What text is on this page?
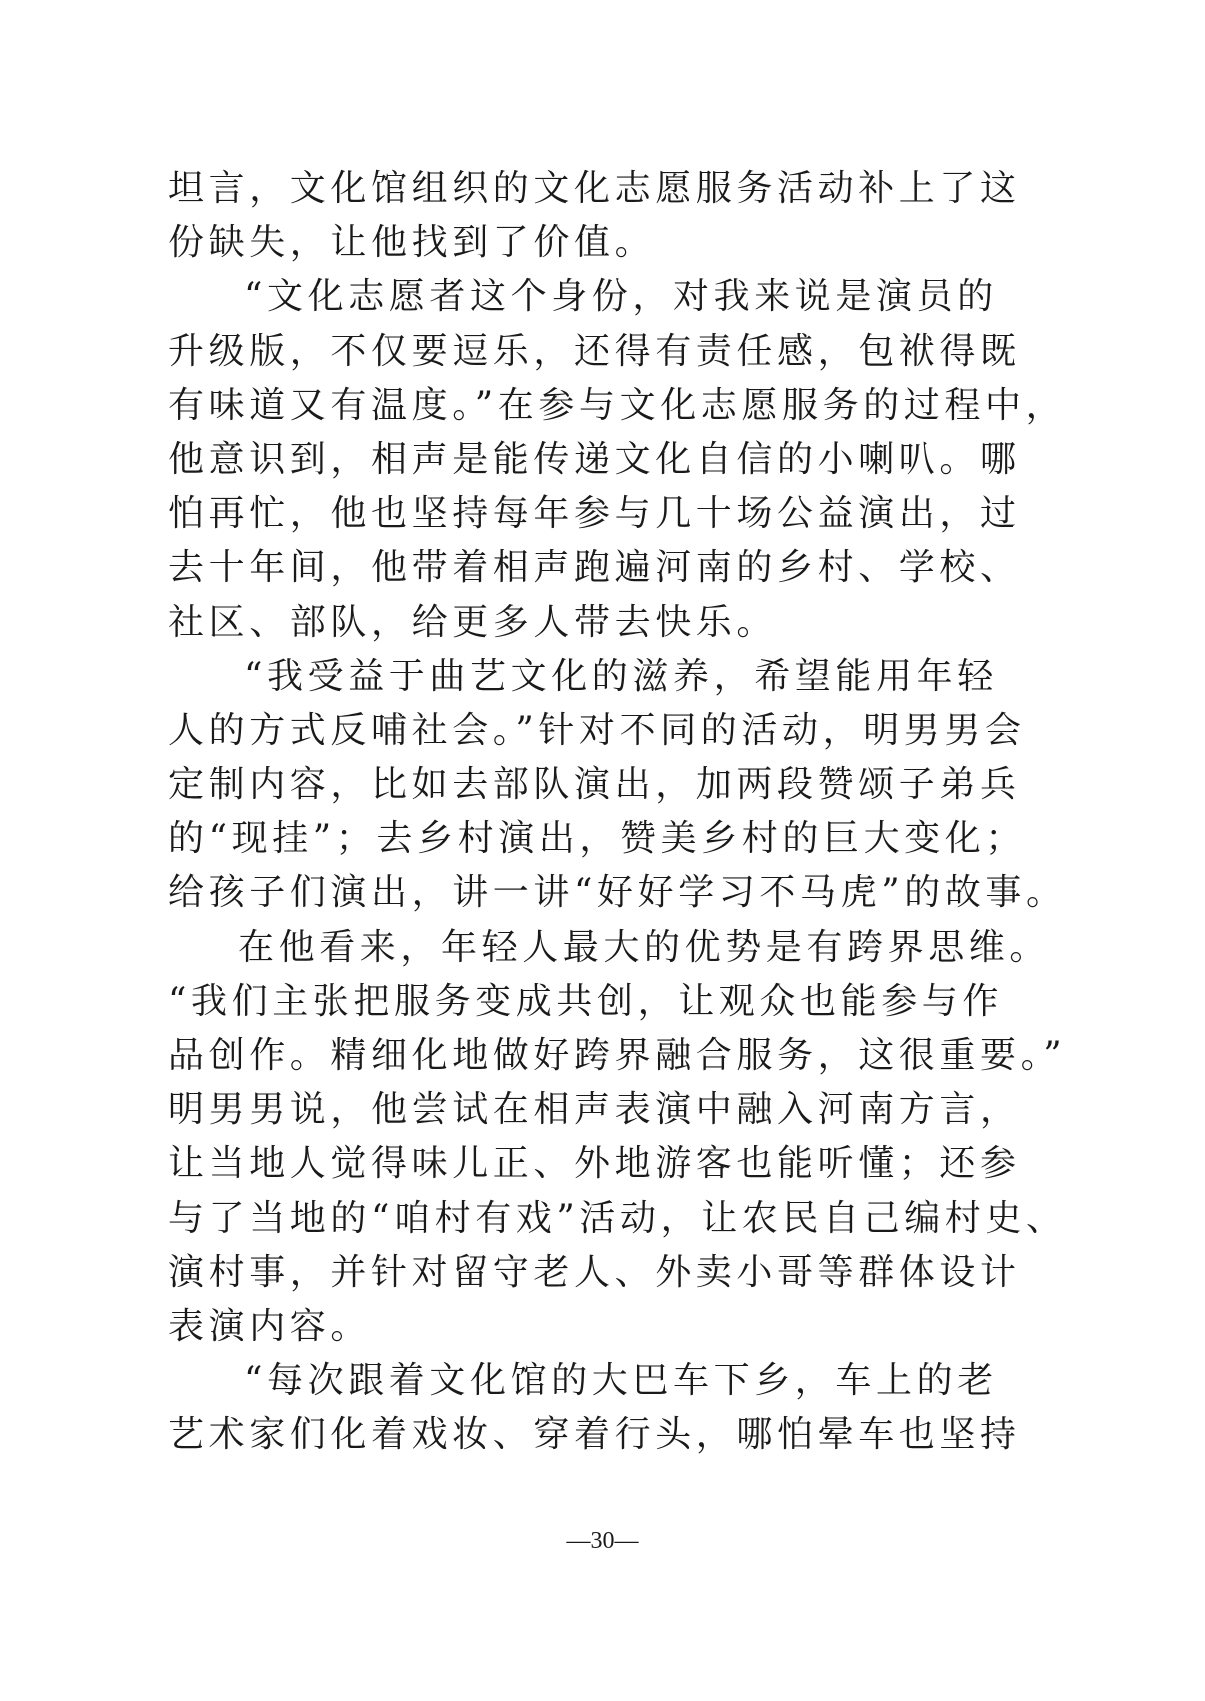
坦言，文化馆组织的文化志愿服务活动补上了这
份缺失，让他找到了价值。
“文化志愿者这个身份，对我来说是演员的
升级版，不仅要逗乐，还得有责任感，包袱得既
有味道又有温度。”在参与文化志愿服务的过程中，
他意识到，相声是能传递文化自信的小喇叭。哪
怕再忙，他也坚持每年参与几十场公益演出，过
去十年间，他带着相声跑遍河南的乡村、学校、
社区、部队，给更多人带去快乐。
“我受益于曲艺文化的滋养，希望能用年轻
人的方式反哺社会。”针对不同的活动，明男男会
定制内容，比如去部队演出，加两段赞颂子弟兵
的“现挂”；去乡村演出，赞美乡村的巨大变化；
给孩子们演出，讲一讲“好好学习不马虎”的故事。
在他看来，年轻人最大的优势是有跨界思维。
“我们主张把服务变成共创，让观众也能参与作
品创作。精细化地做好跨界融合服务，这很重要。”
明男男说，他尝试在相声表演中融入河南方言，
让当地人觉得味儿正、外地游客也能听懂；还参
与了当地的“咱村有戏”活动，让农民自己编村史、
演村事，并针对留守老人、外卖小哥等群体设计
表演内容。
“每次跟着文化馆的大巴车下乡，车上的老
艺术家们化着戏妆、穿着行头，哪怕晕车也坚持
—30—
